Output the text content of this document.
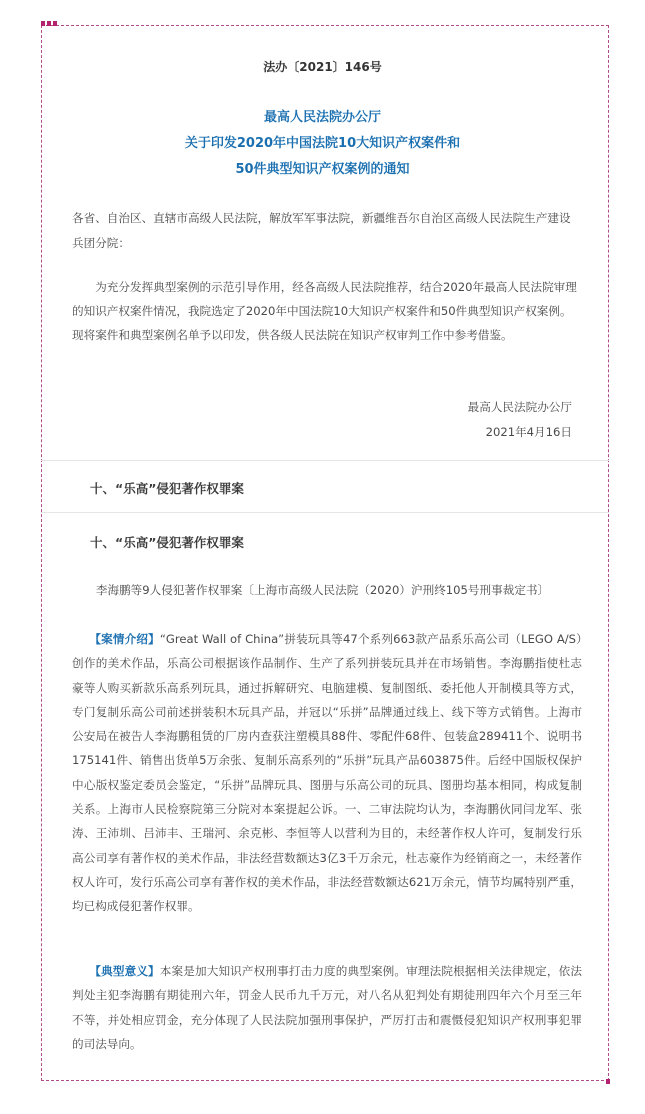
法办〔2021〕146号
最高人民法院办公厅
关于印发2020年中国法院10大知识产权案件和
50件典型知识产权案例的通知
各省、自治区、直辖市高级人民法院，解放军军事法院，新疆维吾尔自治区高级人民法院生产建设兵团分院：
为充分发挥典型案例的示范引导作用，经各高级人民法院推荐，结合2020年最高人民法院审理的知识产权案件情况，我院选定了2020年中国法院10大知识产权案件和50件典型知识产权案例。现将案件和典型案例名单予以印发，供各级人民法院在知识产权审判工作中参考借鉴。
最高人民法院办公厅
2021年4月16日
十、“乐高”侵犯著作权罪案
十、“乐高”侵犯著作权罪案
李海鹏等9人侵犯著作权罪案〔上海市高级人民法院（2020）沪刑终105号刑事裁定书〕
【案情介绍】“Great Wall of China”拼装玩具等47个系列663款产品系乐高公司（LEGO A/S）创作的美术作品，乐高公司根据该作品制作、生产了系列拼装玩具并在市场销售。李海鹏指使杜志豪等人购买新款乐高系列玩具，通过拆解研究、电脑建模、复制图纸、委托他人开制模具等方式，专门复制乐高公司前述拼装积木玩具产品，并冠以“乐拼”品牌通过线上、线下等方式销售。上海市公安局在被告人李海鹏租赁的厂房内查获注塑模具88件、零配件68件、包装盒289411个、说明书175141件、销售出货单5万余张、复制乐高系列的“乐拼”玩具产品603875件。后经中国版权保护中心版权鉴定委员会鉴定，“乐拼”品牌玩具、图册与乐高公司的玩具、图册均基本相同，构成复制关系。上海市人民检察院第三分院对本案提起公诉。一、二审法院均认为，李海鹏伙同闫龙军、张涛、王沛圳、吕沛丰、王瑞河、余克彬、李恒等人以营利为目的，未经著作权人许可，复制发行乐高公司享有著作权的美术作品，非法经营数额达3亿3千万余元，杜志豪作为经销商之一，未经著作权人许可，发行乐高公司享有著作权的美术作品，非法经营数额达621万余元，情节均属特别严重，均已构成侵犯著作权罪。
【典型意义】本案是加大知识产权刑事打击力度的典型案例。审理法院根据相关法律规定，依法判处主犯李海鹏有期徒刑六年，罚金人民币九千万元，对八名从犯判处有期徒刑四年六个月至三年不等，并处相应罚金，充分体现了人民法院加强刑事保护，严厉打击和震慑侵犯知识产权刑事犯罪的司法导向。
